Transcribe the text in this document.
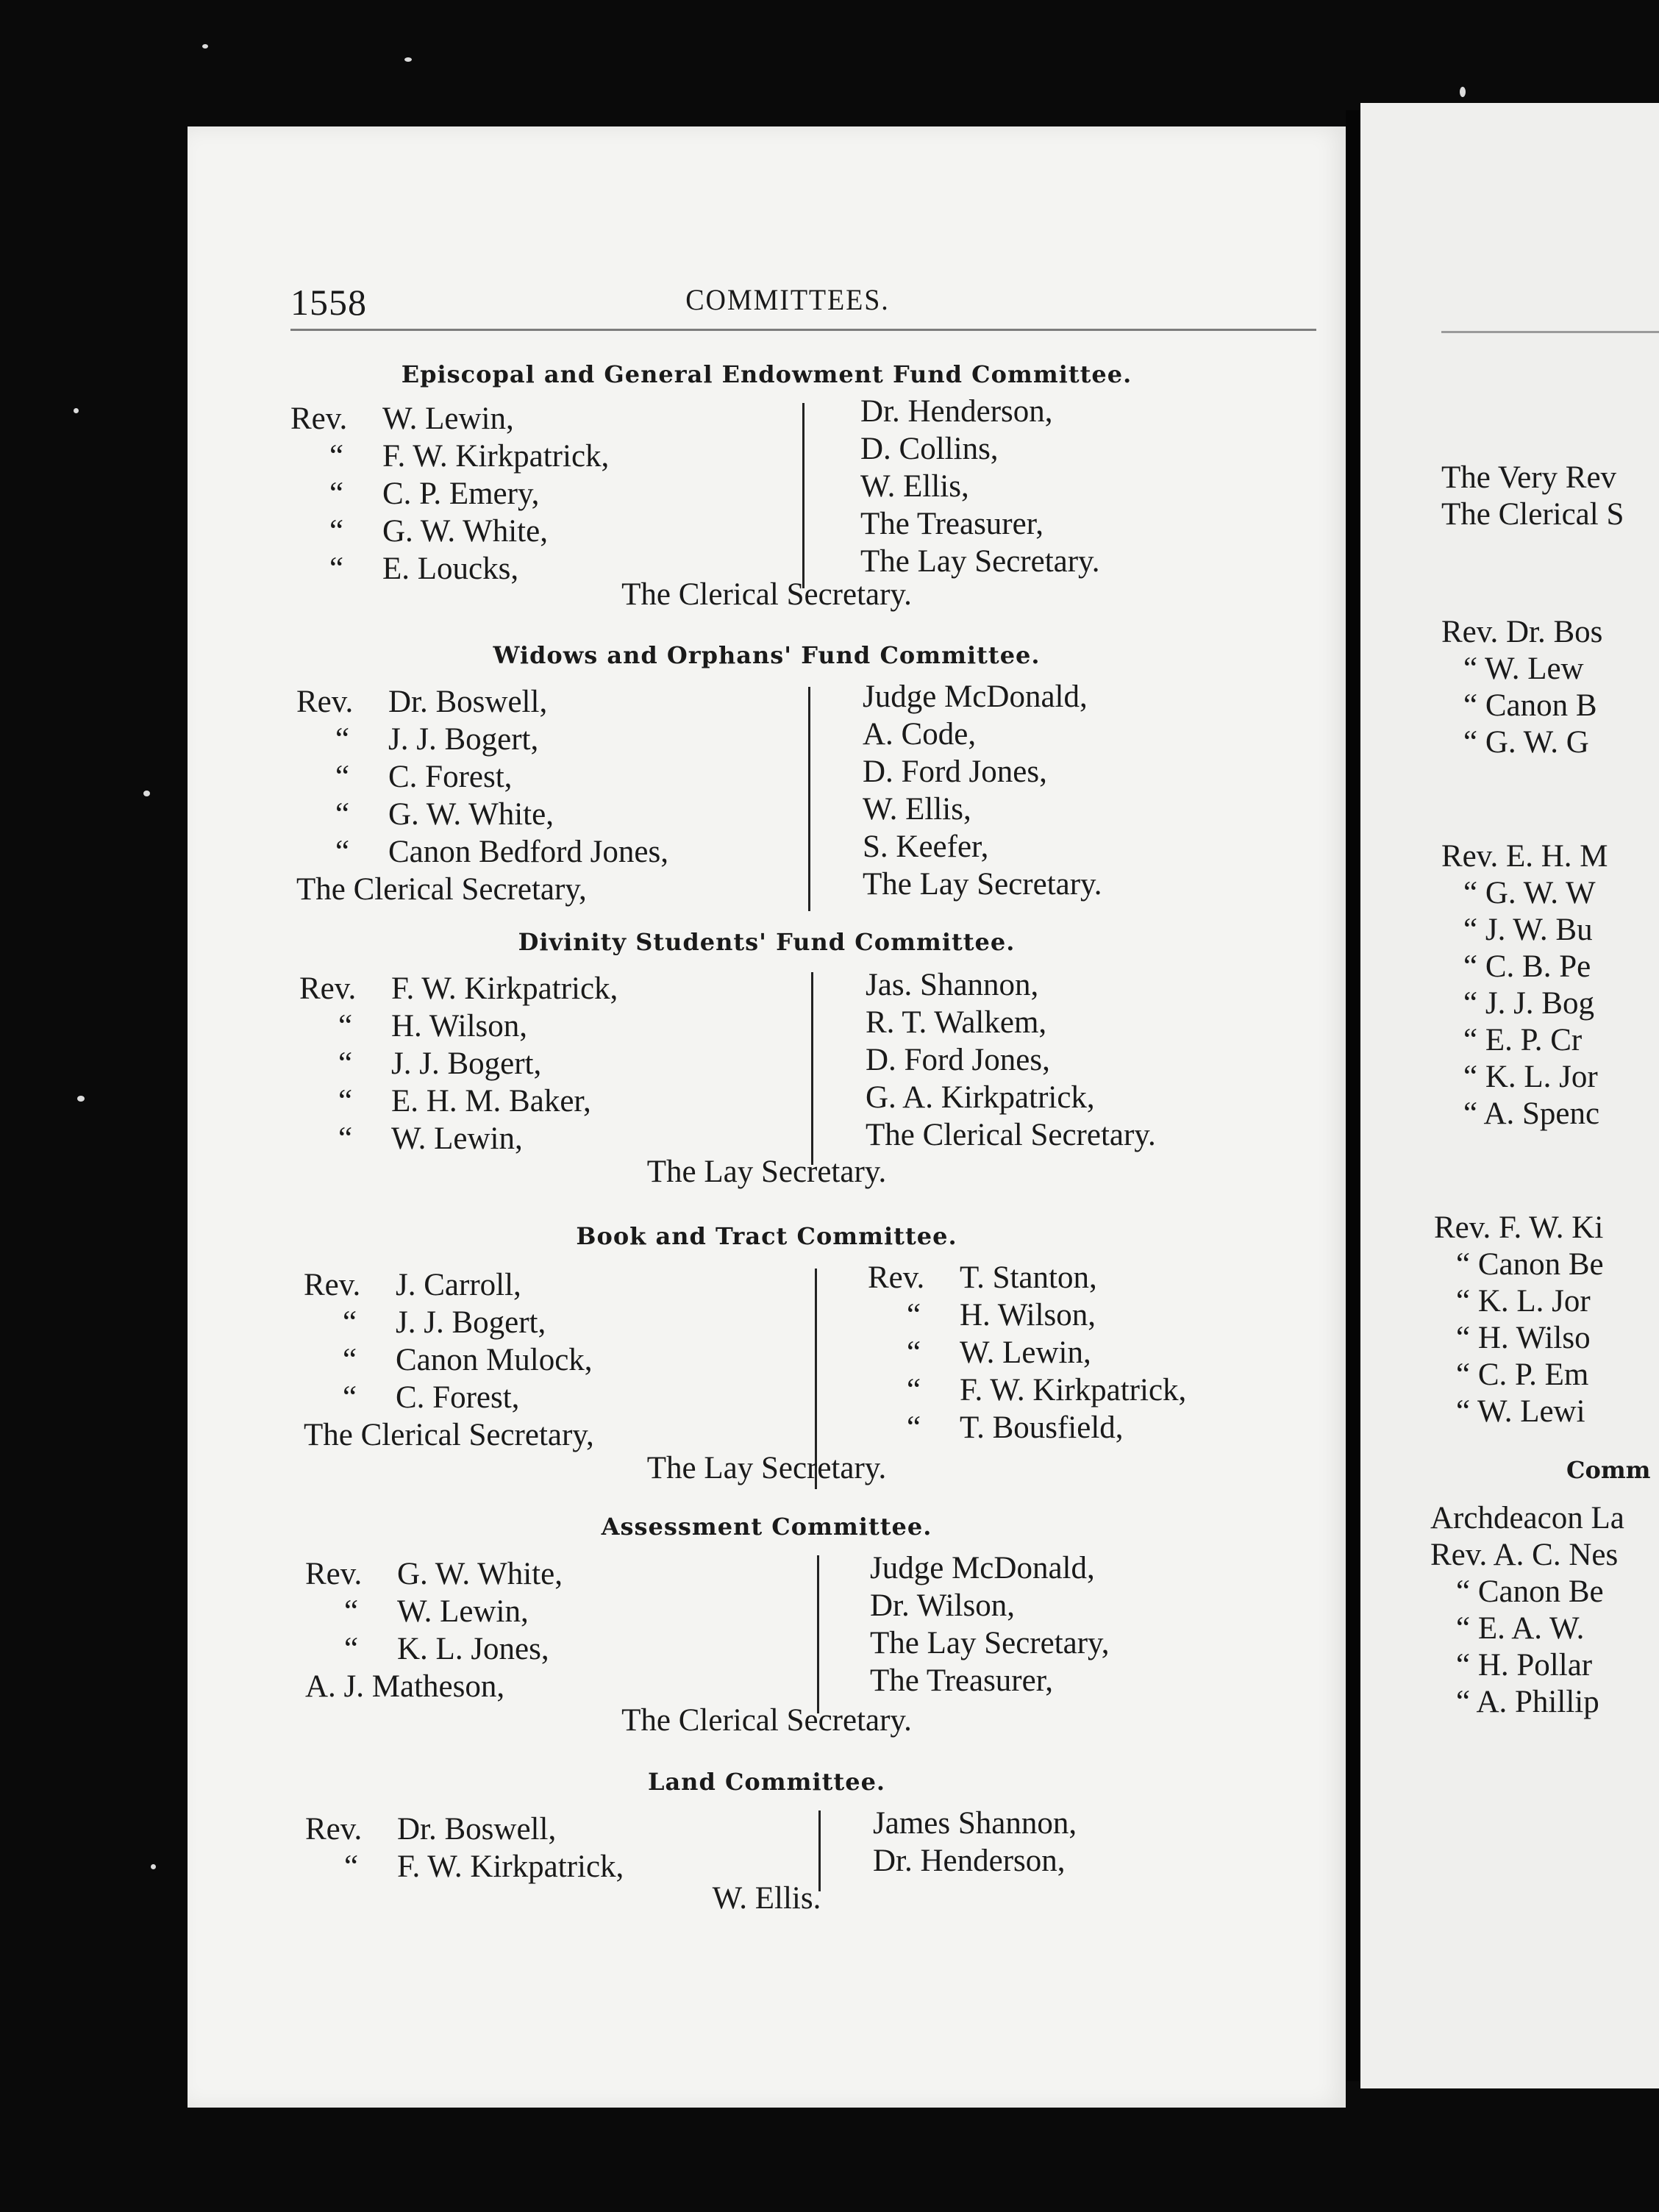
1558	COMMITTEES.
Episcopal and General Endowment Fund Committee.
Rev. W. Lewin,
“ F. W. Kirkpatrick,
“ C. P. Emery,
“ G. W. White,
“ E. Loucks,
Dr. Henderson,
D. Collins,
W. Ellis,
The Treasurer,
The Lay Secretary.
The Clerical Secretary.
Widows and Orphans' Fund Committee.
Rev. Dr. Boswell,
“ J. J. Bogert,
“ C. Forest,
“ G. W. White,
“ Canon Bedford Jones,
The Clerical Secretary,
Judge McDonald,
A. Code,
D. Ford Jones,
W. Ellis,
S. Keefer,
The Lay Secretary.
Divinity Students' Fund Committee.
Rev. F. W. Kirkpatrick,
“ H. Wilson,
“ J. J. Bogert,
“ E. H. M. Baker,
“ W. Lewin,
Jas. Shannon,
R. T. Walkem,
D. Ford Jones,
G. A. Kirkpatrick,
The Clerical Secretary.
The Lay Secretary.
Book and Tract Committee.
Rev. J. Carroll,
“ J. J. Bogert,
“ Canon Mulock,
“ C. Forest,
The Clerical Secretary,
Rev. T. Stanton,
“ H. Wilson,
“ W. Lewin,
“ F. W. Kirkpatrick,
“ T. Bousfield,
The Lay Secretary.
Assessment Committee.
Rev. G. W. White,
“ W. Lewin,
“ K. L. Jones,
A. J. Matheson,
Judge McDonald,
Dr. Wilson,
The Lay Secretary,
The Treasurer,
The Clerical Secretary.
Land Committee.
Rev. Dr. Boswell,
“ F. W. Kirkpatrick,
James Shannon,
Dr. Henderson,
W. Ellis.
The Very Rev
The Clerical S
Rev. Dr. Bos
“ W. Lew
“ Canon B
“ G. W. G
Rev. E. H. M
“ G. W. W
“ J. W. Bu
“ C. B. Pe
“ J. J. Bog
“ E. P. Cr
“ K. L. Jor
“ A. Spenc
Rev. F. W. Ki
“ Canon Be
“ K. L. Jor
“ H. Wilso
“ C. P. Em
“ W. Lewi
Comm
Archdeacon La
Rev. A. C. Nes
“ Canon Be
“ E. A. W.
“ H. Pollar
“ A. Phillip
